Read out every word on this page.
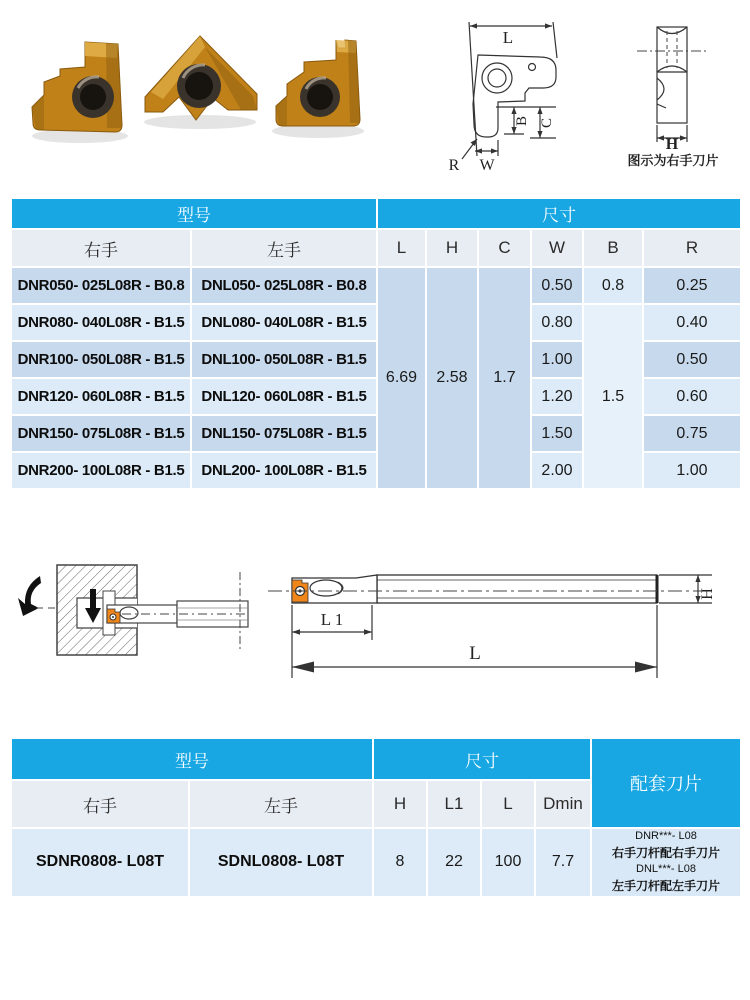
L
B C
W
R
H
图示为右手刀片
型号		尺寸					
右手	左手	L	H	C	W	B	R
DNR050- 025L08R - B0.8	DNL050- 025L08R - B0.8	6.69	2.58	1.7	0.50	0.8	0.25
DNR080- 040L08R - B1.5	DNL080- 040L08R - B1.5				0.80	1.5	0.40
DNR100- 050L08R - B1.5	DNL100- 050L08R - B1.5				1.00		0.50
DNR120- 060L08R - B1.5	DNL120- 060L08R - B1.5				1.20		0.60
DNR150- 075L08R - B1.5	DNL150- 075L08R - B1.5				1.50		0.75
DNR200- 100L08R - B1.5	DNL200- 100L08R - B1.5				2.00		1.00
H
L 1
L
型号		尺寸				配套刀片
右手	左手	H	L1	L	Dmin	
SDNR0808- L08T	SDNL0808- L08T	8	22	100	7.7	DNR***- L08
右手刀杆配右手刀片
DNL***- L08
左手刀杆配左手刀片
